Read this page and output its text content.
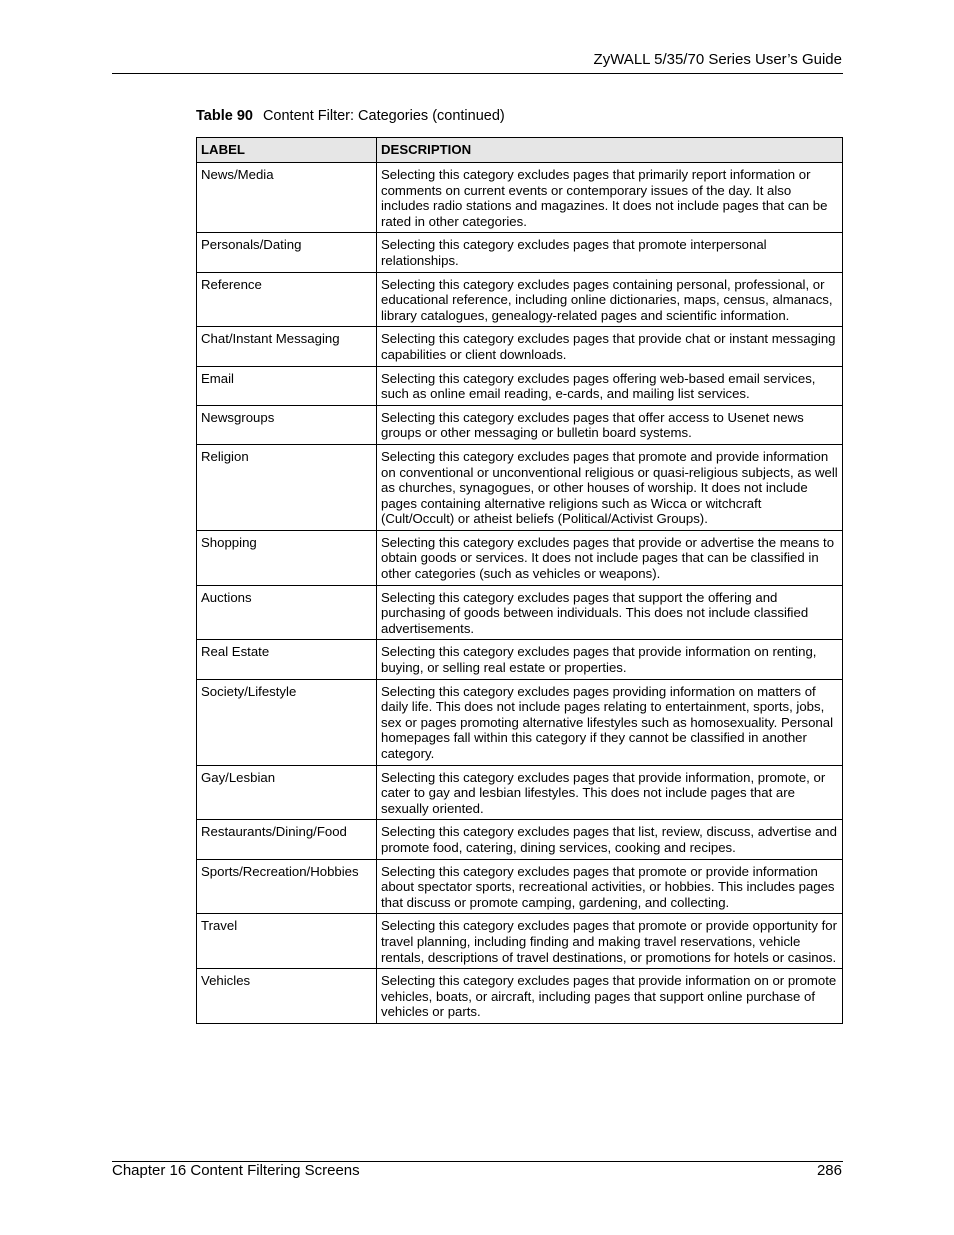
ZyWALL 5/35/70 Series User’s Guide
Table 90 Content Filter: Categories (continued)
LABEL	DESCRIPTION
News/Media	Selecting this category excludes pages that primarily report information or comments on current events or contemporary issues of the day. It also includes radio stations and magazines. It does not include pages that can be rated in other categories.
Personals/Dating	Selecting this category excludes pages that promote interpersonal relationships.
Reference	Selecting this category excludes pages containing personal, professional, or educational reference, including online dictionaries, maps, census, almanacs, library catalogues, genealogy-related pages and scientific information.
Chat/Instant Messaging	Selecting this category excludes pages that provide chat or instant messaging capabilities or client downloads.
Email	Selecting this category excludes pages offering web-based email services, such as online email reading, e-cards, and mailing list services.
Newsgroups	Selecting this category excludes pages that offer access to Usenet news groups or other messaging or bulletin board systems.
Religion	Selecting this category excludes pages that promote and provide information on conventional or unconventional religious or quasi-religious subjects, as well as churches, synagogues, or other houses of worship. It does not include pages containing alternative religions such as Wicca or witchcraft (Cult/Occult) or atheist beliefs (Political/Activist Groups).
Shopping	Selecting this category excludes pages that provide or advertise the means to obtain goods or services. It does not include pages that can be classified in other categories (such as vehicles or weapons).
Auctions	Selecting this category excludes pages that support the offering and purchasing of goods between individuals. This does not include classified advertisements.
Real Estate	Selecting this category excludes pages that provide information on renting, buying, or selling real estate or properties.
Society/Lifestyle	Selecting this category excludes pages providing information on matters of daily life. This does not include pages relating to entertainment, sports, jobs, sex or pages promoting alternative lifestyles such as homosexuality. Personal homepages fall within this category if they cannot be classified in another category.
Gay/Lesbian	Selecting this category excludes pages that provide information, promote, or cater to gay and lesbian lifestyles. This does not include pages that are sexually oriented.
Restaurants/Dining/Food	Selecting this category excludes pages that list, review, discuss, advertise and promote food, catering, dining services, cooking and recipes.
Sports/Recreation/Hobbies	Selecting this category excludes pages that promote or provide information about spectator sports, recreational activities, or hobbies. This includes pages that discuss or promote camping, gardening, and collecting.
Travel	Selecting this category excludes pages that promote or provide opportunity for travel planning, including finding and making travel reservations, vehicle rentals, descriptions of travel destinations, or promotions for hotels or casinos.
Vehicles	Selecting this category excludes pages that provide information on or promote vehicles, boats, or aircraft, including pages that support online purchase of vehicles or parts.
Chapter 16 Content Filtering Screens	286
